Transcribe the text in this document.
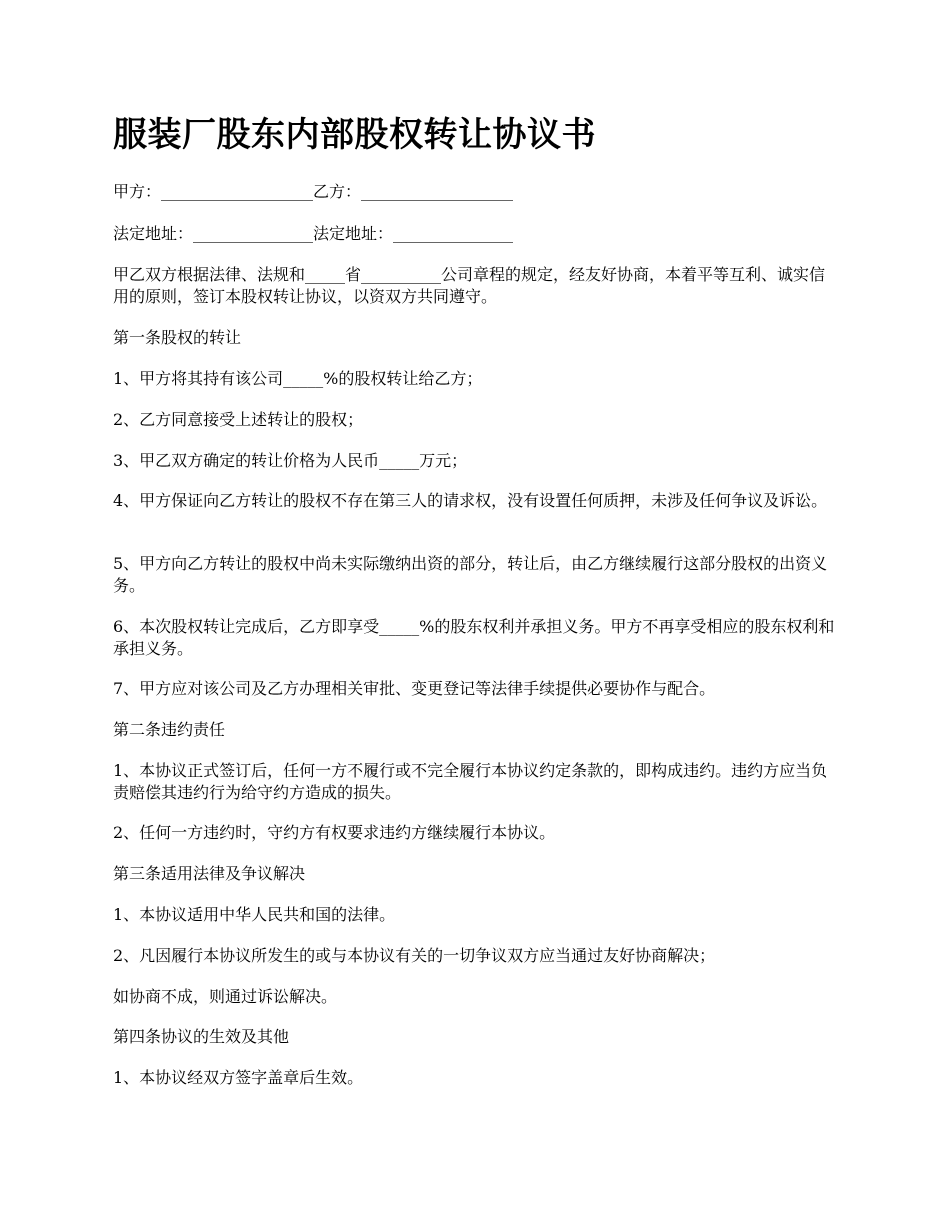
服装厂股东内部股权转让协议书
甲方：___________________乙方：___________________
法定地址：_______________法定地址：_______________
甲乙双方根据法律、法规和_____省__________公司章程的规定，经友好协商，本着平等互利、诚实信用的原则，签订本股权转让协议，以资双方共同遵守。
第一条股权的转让
1、甲方将其持有该公司_____%的股权转让给乙方；
2、乙方同意接受上述转让的股权；
3、甲乙双方确定的转让价格为人民币_____万元；
4、甲方保证向乙方转让的股权不存在第三人的请求权，没有设置任何质押，未涉及任何争议及诉讼。
5、甲方向乙方转让的股权中尚未实际缴纳出资的部分，转让后，由乙方继续履行这部分股权的出资义务。
6、本次股权转让完成后，乙方即享受_____%的股东权利并承担义务。甲方不再享受相应的股东权利和承担义务。
7、甲方应对该公司及乙方办理相关审批、变更登记等法律手续提供必要协作与配合。
第二条违约责任
1、本协议正式签订后，任何一方不履行或不完全履行本协议约定条款的，即构成违约。违约方应当负责赔偿其违约行为给守约方造成的损失。
2、任何一方违约时，守约方有权要求违约方继续履行本协议。
第三条适用法律及争议解决
1、本协议适用中华人民共和国的法律。
2、凡因履行本协议所发生的或与本协议有关的一切争议双方应当通过友好协商解决；
如协商不成，则通过诉讼解决。
第四条协议的生效及其他
1、本协议经双方签字盖章后生效。
